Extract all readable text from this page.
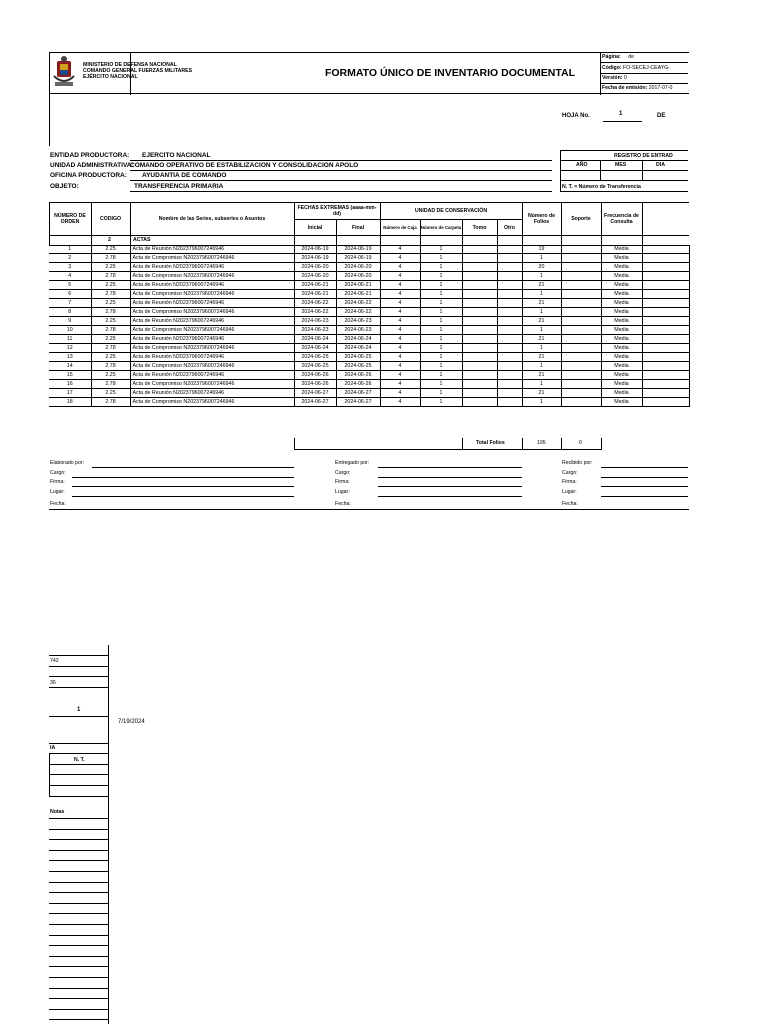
MINISTERIO DE DEFENSA NACIONAL
COMANDO GENERAL FUERZAS MILITARES
EJÉRCITO NACIONAL	FORMATO ÚNICO DE INVENTARIO DOCUMENTAL
Página: de
Código: FO-SECEJ-CEAYG-
Versión: 0
Fecha de emisión: 2017-07-0
HOJA No.	1	DE
ENTIDAD PRODUCTORA: EJERCITO NACIONAL
UNIDAD ADMINISTRATIVA:
COMANDO OPERATIVO DE ESTABILIZACION Y CONSOLIDACION APOLO
OFICINA PRODUCTORA: AYUDANTIA DE COMANDO
OBJETO:	TRANSFERENCIA PRIMARIA
REGISTRO DE ENTRAD
AÑO	MES	DIA
N. T. = Número de Transferencia
NÚMERO DE ORDEN	CODIGO	Nombre de las Series, subseries o Asuntos
FECHAS EXTREMAS (aaaa-mm-dd)
Inicial	Final
UNIDAD DE CONSERVACIÓN
Número de Caja Número de Carpeta	Tomo	Otro
Número de Folios	Soporte	Frecuencia de Consulta
2	ACTAS
1	2.25	Acta de Reunión N2023796007246946	2024-06-19	2024-06-19	4	1			19		Media	
2	2.78	Acta de Compromiso N2023796007246946	2024-06-19	2024-06-19	4	1			1		Media	
3	2.25	Acta de Reunión N2023796007246946	2024-06-20	2024-06-20	4	1			20		Media	
4	2.78	Acta de Compromiso N2023796007246946	2024-06-20	2024-06-20	4	1			1		Media	
5	2.25	Acta de Reunión N2023796007246946	2024-06-21	2024-06-21	4	1			21		Media	
6	2.78	Acta de Compromiso N2023796007246946	2024-06-21	2024-06-21	4	1			1		Media	
7	2.25	Acta de Reunión N2023796007246946	2024-06-22	2024-06-22	4	1			21		Media	
8	2.78	Acta de Compromiso N2023796007246946	2024-06-22	2024-06-22	4	1			1		Media	
9	2.25	Acta de Reunión N2023796007246946	2024-06-23	2024-06-23	4	1			21		Media	
10	2.78	Acta de Compromiso N2023796007246946	2024-06-23	2024-06-23	4	1			1		Media	
11	2.25	Acta de Reunión N2023796007246946	2024-06-24	2024-06-24	4	1			21		Media	
12	2.78	Acta de Compromiso N2023796007246946	2024-06-24	2024-06-24	4	1			1		Media	
13	2.25	Acta de Reunión N2023796007246946	2024-06-25	2024-06-25	4	1			21		Media	
14	2.78	Acta de Compromiso N2023796007246946	2024-06-25	2024-06-25	4	1			1		Media	
15	2.25	Acta de Reunión N2023796007246946	2024-06-26	2024-06-26	4	1			21		Media	
16	2.78	Acta de Compromiso N2023796007246946	2024-06-26	2024-06-26	4	1			1		Media	
17	2.25	Acta de Reunión N2023796007246946	2024-06-27	2024-06-27	4	1			21		Media	
18	2.78	Acta de Compromiso N2023796007246946	2024-06-27	2024-06-27	4	1			1		Media	
Total Folios	195	0
Elaborado por:
Cargo:
Firma:
Lugar:
Fecha:
Entregado por:
Cargo:
Firma:
Lugar:
Fecha:
Recibido por:
Cargo:
Firma:
Lugar:
Fecha:
742
36
1
7/19/2024
IA
N. T.
Notas
